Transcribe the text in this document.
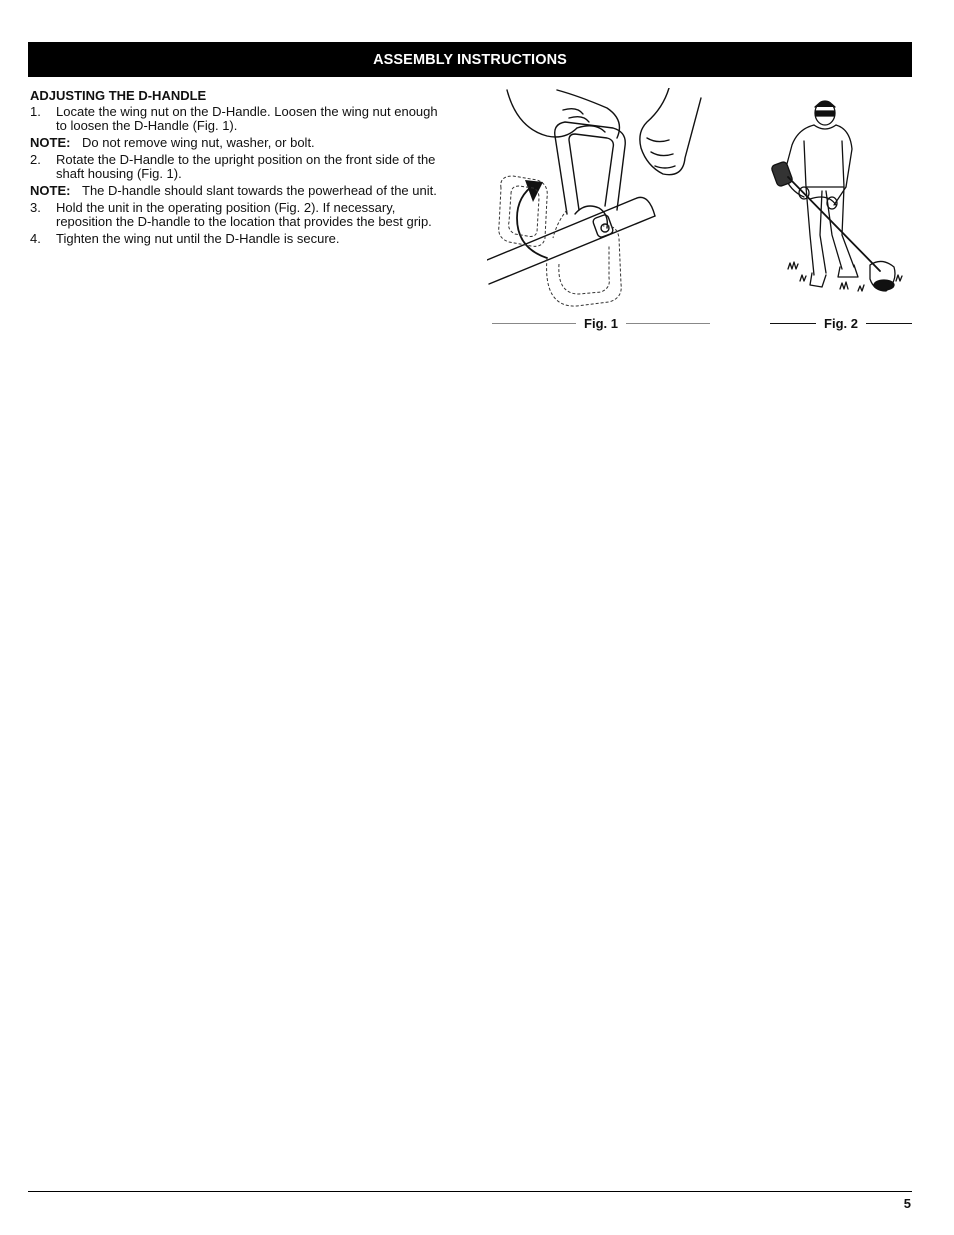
ASSEMBLY INSTRUCTIONS
ADJUSTING THE D-HANDLE
1.	Locate the wing nut on the D-Handle. Loosen the wing nut enough to loosen the D-Handle (Fig. 1).
NOTE: Do not remove wing nut, washer, or bolt.
2.	Rotate the D-Handle to the upright position on the front side of the shaft housing (Fig. 1).
NOTE: The D-handle should slant towards the powerhead of the unit.
3.	Hold the unit in the operating position (Fig. 2). If necessary, reposition the D-handle to the location that provides the best grip.
4.	Tighten the wing nut until the D-Handle is secure.
Fig. 1	Fig. 2
5
